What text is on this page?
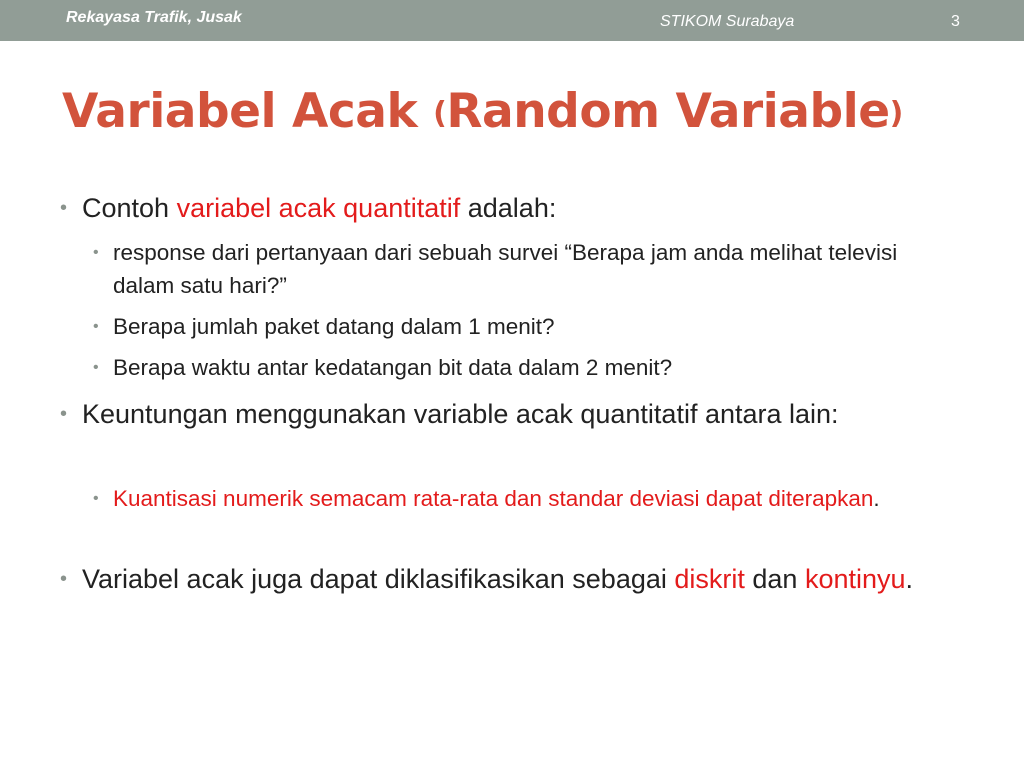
Rekayasa Trafik, Jusak	STIKOM Surabaya	3
Variabel Acak (Random Variable)
• Contoh variabel acak quantitatif adalah:
• response dari pertanyaan dari sebuah survei “Berapa jam anda melihat televisi dalam satu hari?”
• Berapa jumlah paket datang dalam 1 menit?
• Berapa waktu antar kedatangan bit data dalam 2 menit?
• Keuntungan menggunakan variable acak quantitatif antara lain:
• Kuantisasi numerik semacam rata-rata dan standar deviasi dapat diterapkan.
• Variabel acak juga dapat diklasifikasikan sebagai diskrit dan kontinyu.
